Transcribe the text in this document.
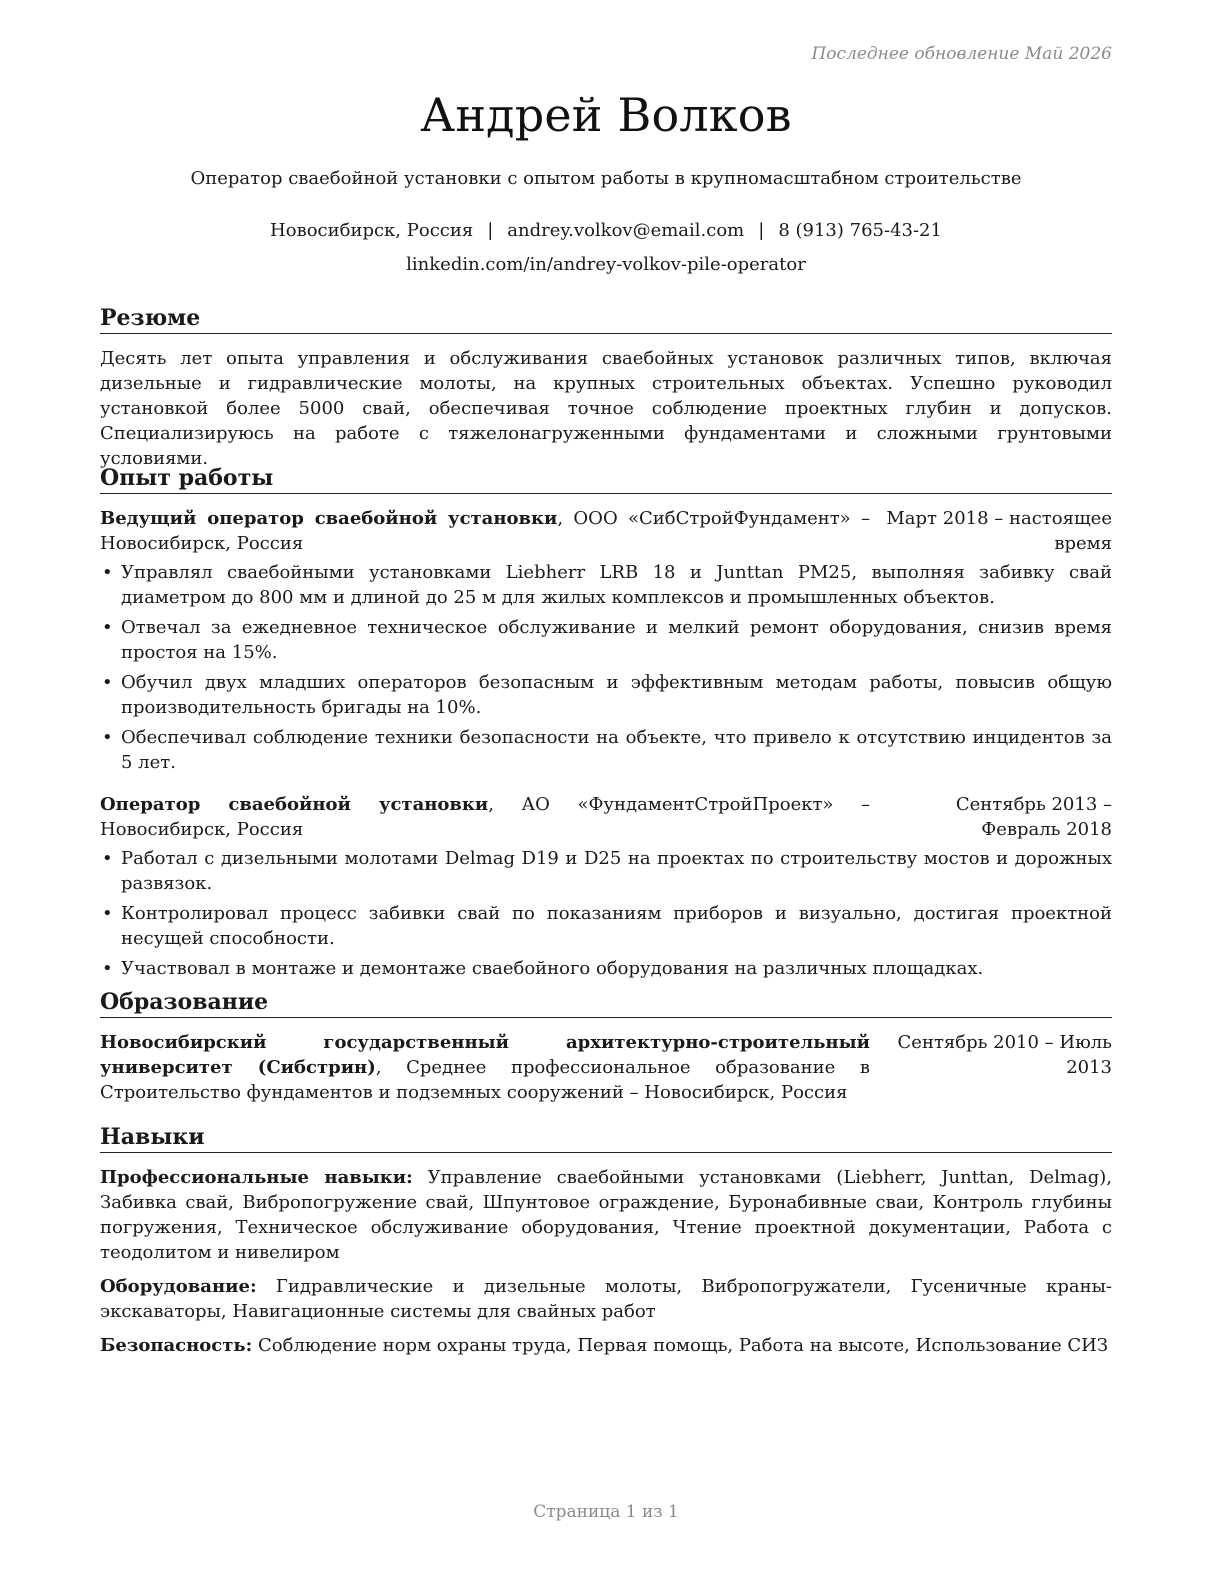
Последнее обновление Май 2026
Андрей Волков
Оператор сваебойной установки с опытом работы в крупномасштабном строительстве
Новосибирск, Россия | andrey.volkov@email.com | 8 (913) 765-43-21
linkedin.com/in/andrey-volkov-pile-operator
Резюме
Десять лет опыта управления и обслуживания сваебойных установок различных типов, включая дизельные и гидравлические молоты, на крупных строительных объектах. Успешно руководил установкой более 5000 свай, обеспечивая точное соблюдение проектных глубин и допусков. Специализируюсь на работе с тяжелонагруженными фундаментами и сложными грунтовыми условиями.
Опыт работы
Ведущий оператор сваебойной установки, ООО «СибСтройФундамент» – Новосибирск, Россия
Март 2018 – настоящее время
• Управлял сваебойными установками Liebherr LRB 18 и Junttan PM25, выполняя забивку свай диаметром до 800 мм и длиной до 25 м для жилых комплексов и промышленных объектов.
• Отвечал за ежедневное техническое обслуживание и мелкий ремонт оборудования, снизив время простоя на 15%.
• Обучил двух младших операторов безопасным и эффективным методам работы, повысив общую производительность бригады на 10%.
• Обеспечивал соблюдение техники безопасности на объекте, что привело к отсутствию инцидентов за 5 лет.
Оператор сваебойной установки, АО «ФундаментСтройПроект» – Новосибирск, Россия
Сентябрь 2013 – Февраль 2018
• Работал с дизельными молотами Delmag D19 и D25 на проектах по строительству мостов и дорожных развязок.
• Контролировал процесс забивки свай по показаниям приборов и визуально, достигая проектной несущей способности.
• Участвовал в монтаже и демонтаже сваебойного оборудования на различных площадках.
Образование
Новосибирский государственный архитектурно-строительный университет (Сибстрин), Среднее профессиональное образование в Строительство фундаментов и подземных сооружений – Новосибирск, Россия
Сентябрь 2010 – Июль 2013
Навыки
Профессиональные навыки: Управление сваебойными установками (Liebherr, Junttan, Delmag), Забивка свай, Вибропогружение свай, Шпунтовое ограждение, Буронабивные сваи, Контроль глубины погружения, Техническое обслуживание оборудования, Чтение проектной документации, Работа с теодолитом и нивелиром
Оборудование: Гидравлические и дизельные молоты, Вибропогружатели, Гусеничные краны-экскаваторы, Навигационные системы для свайных работ
Безопасность: Соблюдение норм охраны труда, Первая помощь, Работа на высоте, Использование СИЗ
Страница 1 из 1
